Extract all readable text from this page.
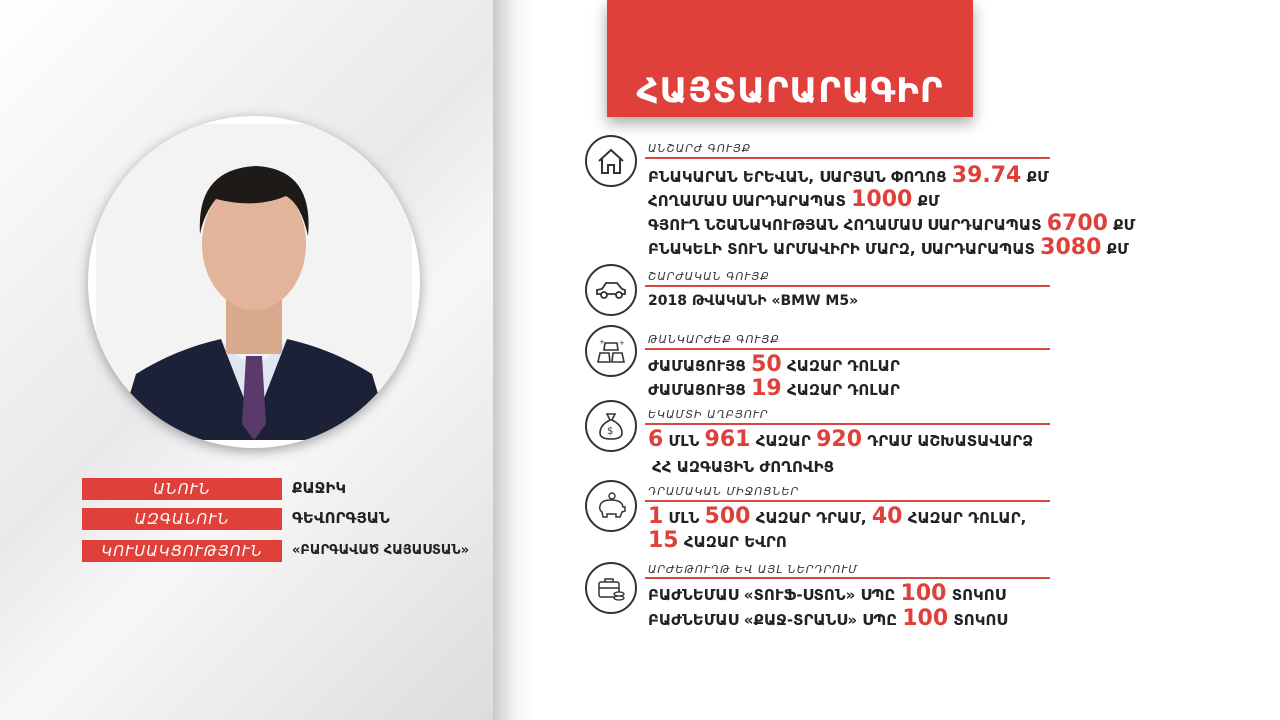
ՀԱՅՏԱՐԱՐԱԳԻՐ
ԱՆՈՒՆ	ՔԱՋԻԿ
ԱԶԳԱՆՈՒՆ	ԳԵՎՈՐԳՅԱՆ
ԿՈՒՍԱԿՑՈՒԹՅՈՒՆ	«ԲԱՐԳԱՎԱԾ ՀԱՅԱՍՏԱՆ»
ԱՆՇԱՐԺ ԳՈՒՅՔ
ԲՆԱԿԱՐԱՆ ԵՐԵՎԱՆ, ՍԱՐՅԱՆ ՓՈՂՈՑ 39.74 ՔՄ
ՀՈՂԱՄԱՍ ՍԱՐԴԱՐԱՊԱՏ 1000 ՔՄ
ԳՅՈՒՂ ՆՇԱՆԱԿՈՒԹՅԱՆ ՀՈՂԱՄԱՍ ՍԱՐԴԱՐԱՊԱՏ 6700 ՔՄ
ԲՆԱԿԵԼԻ ՏՈՒՆ ԱՐՄԱՎԻՐԻ ՄԱՐԶ, ՍԱՐԴԱՐԱՊԱՏ 3080 ՔՄ
ՇԱՐԺԱԿԱՆ ԳՈՒՅՔ
2018 ԹՎԱԿԱՆԻ «BMW M5»
+ + ԹԱՆԿԱՐԺԵՔ ԳՈՒՅՔ
ԺԱՄԱՑՈՒՅՑ 50 ՀԱԶԱՐ ԴՈԼԱՐ
ԺԱՄԱՑՈՒՅՑ 19 ՀԱԶԱՐ ԴՈԼԱՐ
$
ԵԿԱՄՏԻ ԱՂԲՅՈՒՐ
6 ՄԼՆ 961 ՀԱԶԱՐ 920 ԴՐԱՄ ԱՇԽԱՏԱՎԱՐՁ
ՀՀ ԱԶԳԱՅԻՆ ԺՈՂՈՎԻՑ
ԴՐԱՄԱԿԱՆ ՄԻՋՈՑՆԵՐ
1 ՄԼՆ 500 ՀԱԶԱՐ ԴՐԱՄ, 40 ՀԱԶԱՐ ԴՈԼԱՐ,
15 ՀԱԶԱՐ ԵՎՐՈ
ԱՐԺԵԹՈՒՂԹ ԵՎ ԱՅԼ ՆԵՐԴՐՈՒՄ
ԲԱԺՆԵՄԱՍ «ՏՈՒՖ-ՍՏՈՆ» ՍՊԸ 100 ՏՈԿՈՍ
ԲԱԺՆԵՄԱՍ «ՔԱՋ-ՏՐԱՆՍ» ՍՊԸ 100 ՏՈԿՈՍ
